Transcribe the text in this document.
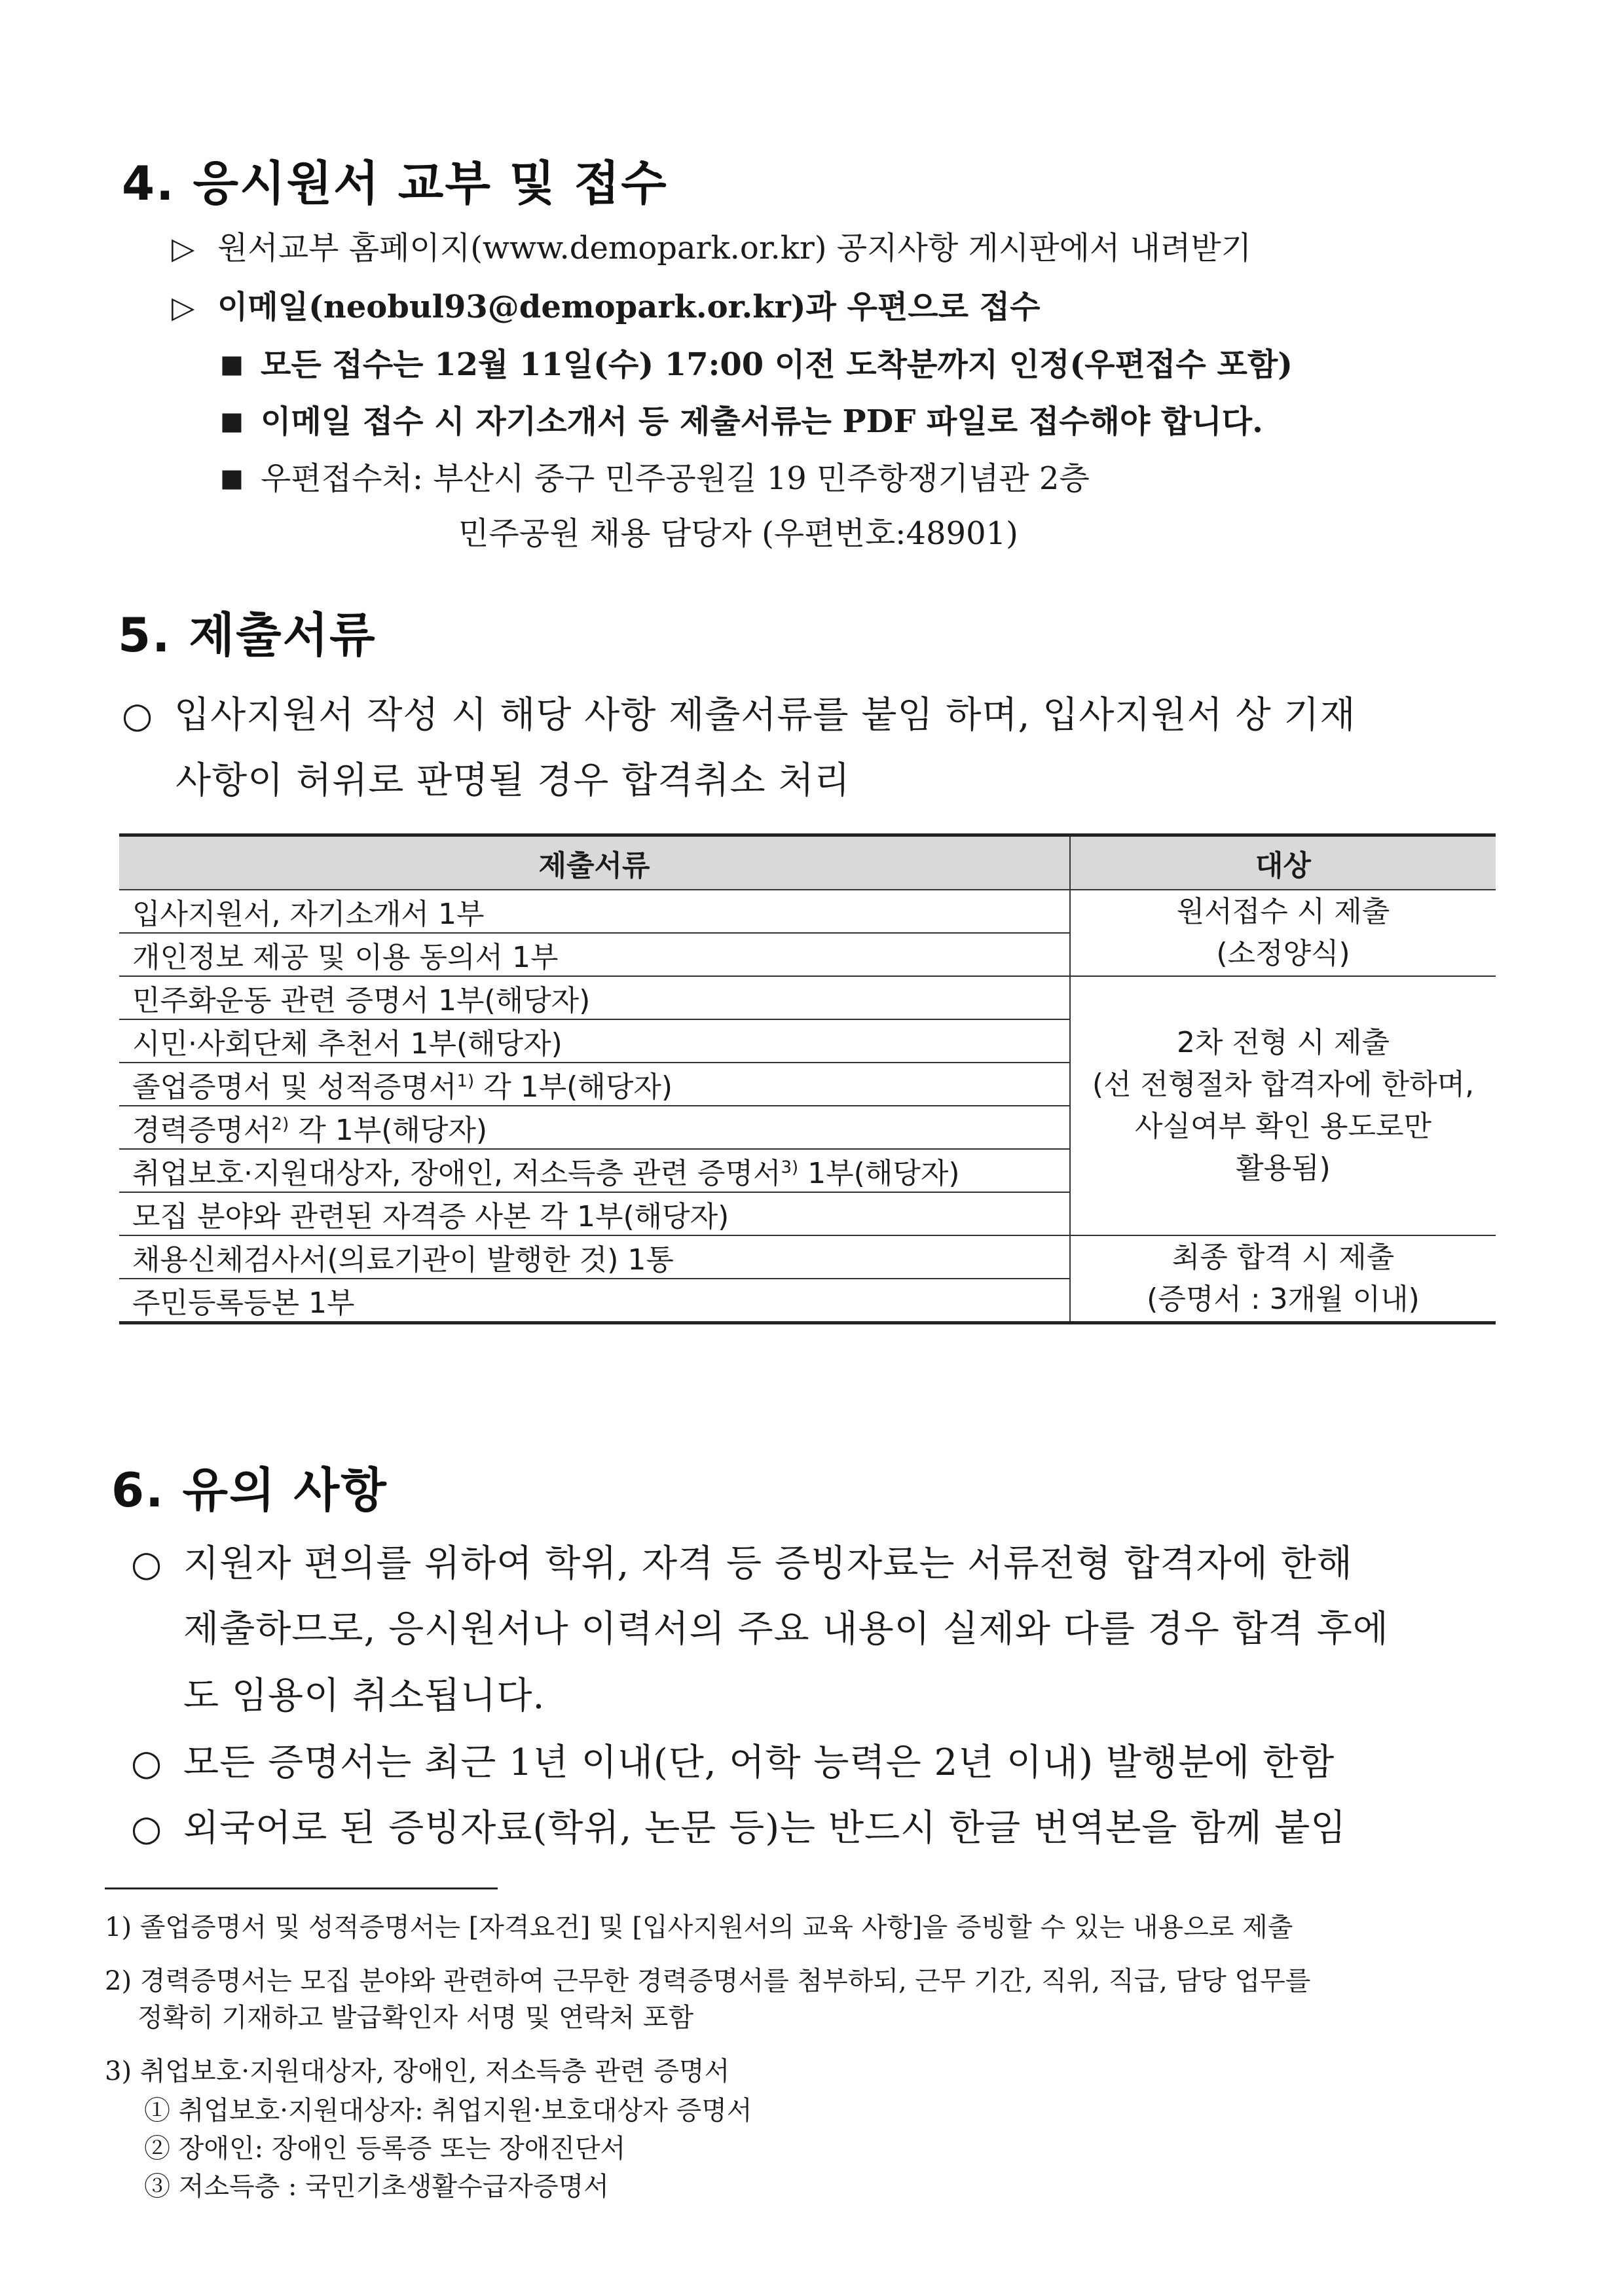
4. 응시원서 교부 및 접수
▷ 원서교부 홈페이지(www.demopark.or.kr) 공지사항 게시판에서 내려받기
▷ 이메일(neobul93@demopark.or.kr)과 우편으로 접수
■ 모든 접수는 12월 11일(수) 17:00 이전 도착분까지 인정(우편접수 포함)
■ 이메일 접수 시 자기소개서 등 제출서류는 PDF 파일로 접수해야 합니다.
■ 우편접수처: 부산시 중구 민주공원길 19 민주항쟁기념관 2층
민주공원 채용 담당자 (우편번호:48901)
5. 제출서류
○ 입사지원서 작성 시 해당 사항 제출서류를 붙임 하며, 입사지원서 상 기재
사항이 허위로 판명될 경우 합격취소 처리
제출서류	대상
입사지원서, 자기소개서 1부	원서접수 시 제출
(소정양식)

개인정보 제공 및 이용 동의서 1부	
민주화운동 관련 증명서 1부(해당자)	2차 전형 시 제출
(선 전형절차 합격자에 한하며,
사실여부 확인 용도로만
활용됨)

시민·사회단체 추천서 1부(해당자)	
졸업증명서 및 성적증명서$^{1)}$ 각 1부(해당자)	
경력증명서$^{2)}$ 각 1부(해당자)	
취업보호·지원대상자, 장애인, 저소득층 관련 증명서$^{3)}$ 1부(해당자)	
모집 분야와 관련된 자격증 사본 각 1부(해당자)	
채용신체검사서(의료기관이 발행한 것) 1통	최종 합격 시 제출
(증명서 : 3개월 이내)

주민등록등본 1부	
6. 유의 사항
○ 지원자 편의를 위하여 학위, 자격 등 증빙자료는 서류전형 합격자에 한해
제출하므로, 응시원서나 이력서의 주요 내용이 실제와 다를 경우 합격 후에
도 임용이 취소됩니다.
○ 모든 증명서는 최근 1년 이내(단, 어학 능력은 2년 이내) 발행분에 한함
○ 외국어로 된 증빙자료(학위, 논문 등)는 반드시 한글 번역본을 함께 붙임
1) 졸업증명서 및 성적증명서는 [자격요건] 및 [입사지원서의 교육 사항]을 증빙할 수 있는 내용으로 제출
2) 경력증명서는 모집 분야와 관련하여 근무한 경력증명서를 첨부하되, 근무 기간, 직위, 직급, 담당 업무를
정확히 기재하고 발급확인자 서명 및 연락처 포함
3) 취업보호·지원대상자, 장애인, 저소득층 관련 증명서
① 취업보호·지원대상자: 취업지원·보호대상자 증명서
② 장애인: 장애인 등록증 또는 장애진단서
③ 저소득층 : 국민기초생활수급자증명서
